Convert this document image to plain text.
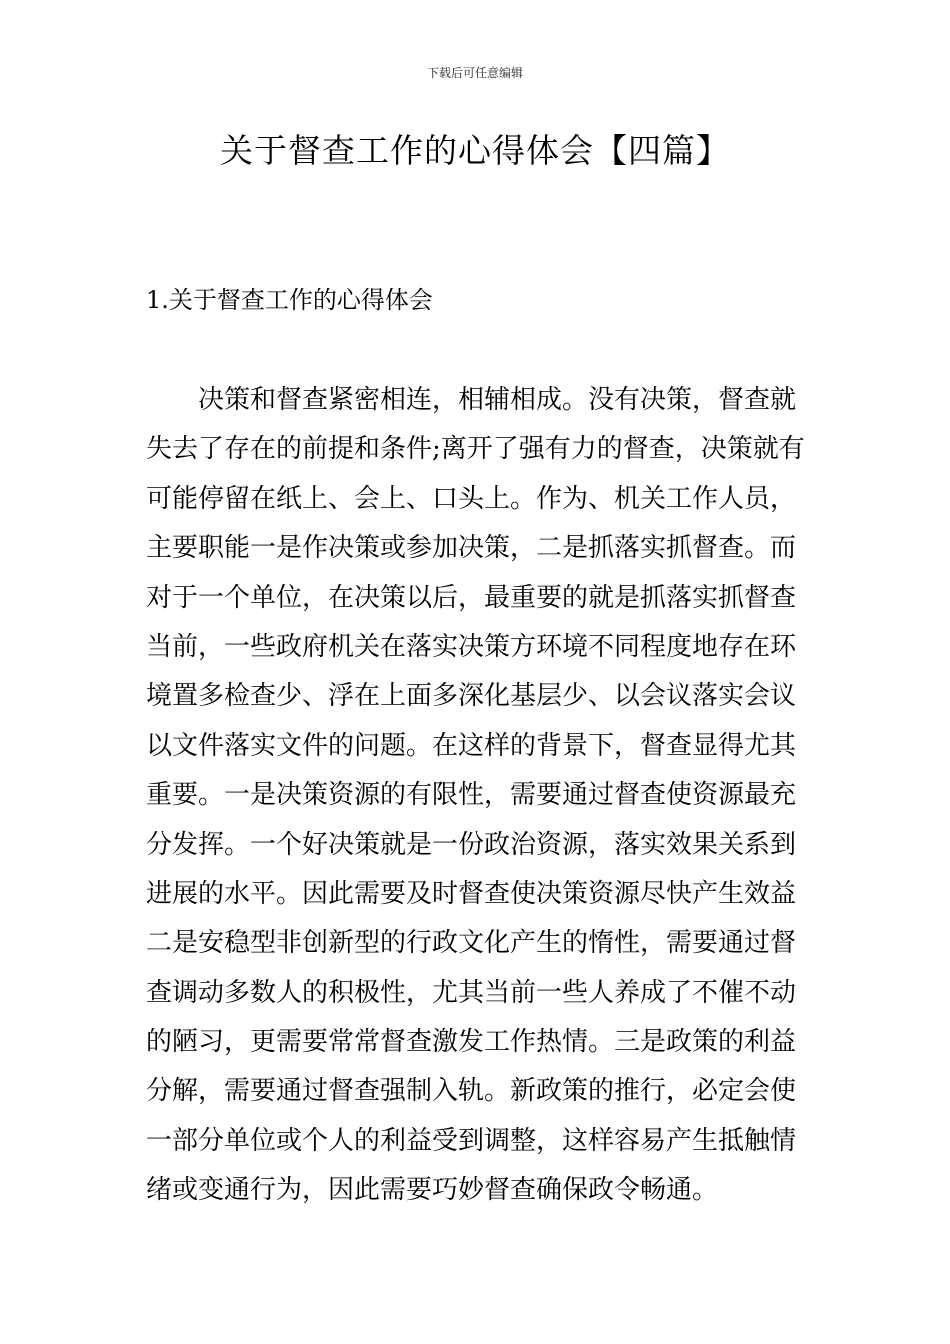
下载后可任意编辑
关于督查工作的心得体会【四篇】
1.关于督查工作的心得体会
决策和督查紧密相连，相辅相成。没有决策，督查就
失去了存在的前提和条件;离开了强有力的督查，决策就有
可能停留在纸上、会上、口头上。作为、机关工作人员，
主要职能一是作决策或参加决策，二是抓落实抓督查。而
对于一个单位，在决策以后，最重要的就是抓落实抓督查
当前，一些政府机关在落实决策方环境不同程度地存在环
境置多检查少、浮在上面多深化基层少、以会议落实会议
以文件落实文件的问题。在这样的背景下，督查显得尤其
重要。一是决策资源的有限性，需要通过督查使资源最充
分发挥。一个好决策就是一份政治资源，落实效果关系到
进展的水平。因此需要及时督查使决策资源尽快产生效益
二是安稳型非创新型的行政文化产生的惰性，需要通过督
查调动多数人的积极性，尤其当前一些人养成了不催不动
的陋习，更需要常常督查激发工作热情。三是政策的利益
分解，需要通过督查强制入轨。新政策的推行，必定会使
一部分单位或个人的利益受到调整，这样容易产生抵触情
绪或变通行为，因此需要巧妙督查确保政令畅通。
